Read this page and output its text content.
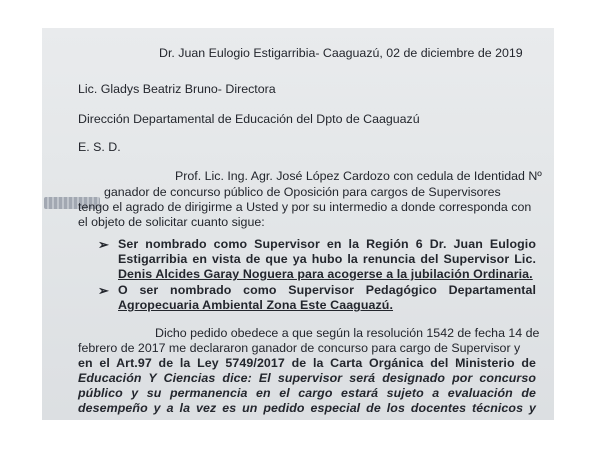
Dr. Juan Eulogio Estigarribia- Caaguazú, 02 de diciembre de 2019
Lic. Gladys Beatriz Bruno- Directora
Dirección Departamental de Educación del Dpto de Caaguazú
E. S. D.
Prof. Lic. Ing. Agr. José López Cardozo con cedula de Identidad Nº
ganador de concurso público de Oposición para cargos de Supervisores
tengo el agrado de dirigirme a Usted y por su intermedio a donde corresponda con
el objeto de solicitar cuanto sigue:
➢ Ser nombrado como Supervisor en la Región 6 Dr. Juan Eulogio
Estigarribia en vista de que ya hubo la renuncia del Supervisor Lic.
Denis Alcides Garay Noguera para acogerse a la jubilación Ordinaria.
➢ O ser nombrado como Supervisor Pedagógico Departamental
Agropecuaria Ambiental Zona Este Caaguazú.
Dicho pedido obedece a que según la resolución 1542 de fecha 14 de
febrero de 2017 me declararon ganador de concurso para cargo de Supervisor y
en el Art.97 de la Ley 5749/2017 de la Carta Orgánica del Ministerio de
Educación Y Ciencias dice: El supervisor será designado por concurso
público y su permanencia en el cargo estará sujeto a evaluación de
desempeño y a la vez es un pedido especial de los docentes técnicos y
